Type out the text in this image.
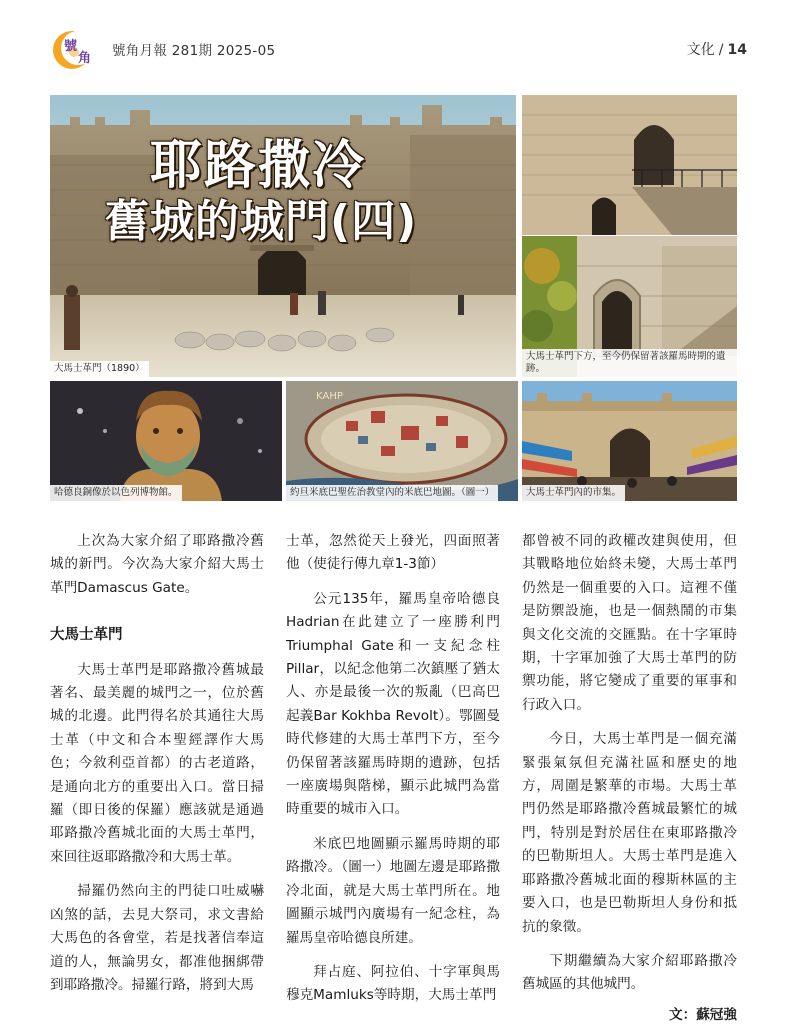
號
角 號角月報 281期 2025-05	文化 / 14
耶路撒冷
舊城的城門(四)
大馬士革門（1890）
大馬士革門下方，至今仍保留著該羅馬時期的遺跡。
哈德良銅像於以色列博物館。
ΚΑΗΡ
約旦米底巴聖佐治教堂內的米底巴地圖。（圖一）	大馬士革門內的市集。

上次為大家介紹了耶路撒冷舊城的新門。今次為大家介紹大馬士革門Damascus Gate。

大馬士革門

大馬士革門是耶路撒冷舊城最著名、最美麗的城門之一，位於舊城的北邊。此門得名於其通往大馬士革（中文和合本聖經譯作大馬色；今敘利亞首都）的古老道路，是通向北方的重要出入口。當日掃羅（即日後的保羅）應該就是通過耶路撒冷舊城北面的大馬士革門，來回往返耶路撒冷和大馬士革。

掃羅仍然向主的門徒口吐威嚇凶煞的話，去見大祭司，求文書給大馬色的各會堂，若是找著信奉這道的人，無論男女，都准他捆綁帶到耶路撒冷。掃羅行路，將到大馬

士革，忽然從天上發光，四面照著他（使徒行傳九章1-3節）

公元135年，羅馬皇帝哈德良Hadrian在此建立了一座勝利門Triumphal Gate和一支紀念柱Pillar，以紀念他第二次鎮壓了猶太人、亦是最後一次的叛亂（巴高巴起義Bar Kokhba Revolt）。鄂圖曼時代修建的大馬士革門下方，至今仍保留著該羅馬時期的遺跡，包括一座廣場與階梯，顯示此城門為當時重要的城市入口。

米底巴地圖顯示羅馬時期的耶路撒冷。（圖一）地圖左邊是耶路撒冷北面，就是大馬士革門所在。地圖顯示城門內廣場有一紀念柱，為羅馬皇帝哈德良所建。

拜占庭、阿拉伯、十字軍與馬穆克Mamluks等時期，大馬士革門

都曾被不同的政權改建與使用，但其戰略地位始終未變，大馬士革門仍然是一個重要的入口。這裡不僅是防禦設施，也是一個熱鬧的市集與文化交流的交匯點。在十字軍時期，十字軍加強了大馬士革門的防禦功能，將它變成了重要的軍事和行政入口。

今日，大馬士革門是一個充滿緊張氣氛但充滿社區和歷史的地方，周圍是繁華的市場。大馬士革門仍然是耶路撒冷舊城最繁忙的城門，特別是對於居住在東耶路撒冷的巴勒斯坦人。大馬士革門是進入耶路撒冷舊城北面的穆斯林區的主要入口，也是巴勒斯坦人身份和抵抗的象徵。

下期繼續為大家介紹耶路撒冷舊城區的其他城門。

文：蘇冠強
